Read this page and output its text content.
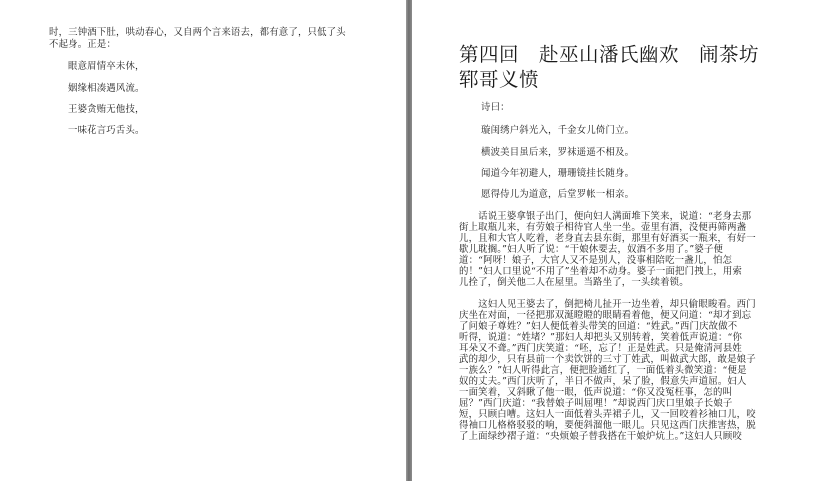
时，三钟酒下肚，哄动春心，又自两个言来语去，都有意了，只低了头

不起身。正是：

眼意眉情卒未休，

姻缘相凑遇风流。

王婆贪贿无他技，

一味花言巧舌头。

第四回　赴巫山潘氏幽欢　闹茶坊
郓哥义愤

诗曰：

璇闺绣户斜光入，千金女儿倚门立。

横波美目虽后来，罗袜遥遥不相及。

闻道今年初避人，珊珊镜挂长随身。

愿得侍儿为道意，后堂罗帐一相亲。

　　话说王婆拿银子出门，便向妇人满面堆下笑来，说道：“老身去那

街上取瓶儿来，有劳娘子相待官人坐一坐。壶里有酒，没便再筛两盏

儿，且和大官人吃着，老身直去县东街，那里有好酒买一瓶来，有好一

歇儿耽搁。”妇人听了说：“干娘休要去，奴酒不多用了。”婆子便

道：“阿呀！娘子，大官人又不是别人，没事相陪吃一盏儿，怕怎

的！”妇人口里说“不用了”坐着却不动身。婆子一面把门拽上，用索

儿拴了，倒关他二人在屋里。当路坐了，一头续着锁。

　　这妇人见王婆去了，倒把椅儿扯开一边坐着，却只偷眼睃看。西门

庆坐在对面，一径把那双涎瞪瞪的眼睛看着他，便又问道：“却才到忘

了问娘子尊姓？”妇人便低着头带笑的回道：“姓武。”西门庆故做不

听得，说道：“姓堵？”那妇人却把头又别转着，笑着低声说道：“你

耳朵又不聋。”西门庆笑道：“呸，忘了！正是姓武。只是俺清河县姓

武的却少，只有县前一个卖饮饼的三寸丁姓武，叫做武大郎，敢是娘子

一族么？”妇人听得此言，便把脸通红了，一面低着头微笑道：“便是

奴的丈夫。”西门庆听了，半日不做声，呆了脸，假意失声道屈。妇人

一面笑着，又斜瞅了他一眼，低声说道：“你又没冤枉事，怎的叫

屈？”西门庆道：“我替娘子叫屈哩！”却说西门庆口里娘子长娘子

短，只顾白嘈。这妇人一面低着头弄裙子儿，又一回咬着衫袖口儿，咬

得袖口儿格格驳驳的响，要便斜溜他一眼儿。只见这西门庆推害热，脱

了上面绿纱褶子道：“央烦娘子替我搭在干娘炉炕上。”这妇人只顾咬
